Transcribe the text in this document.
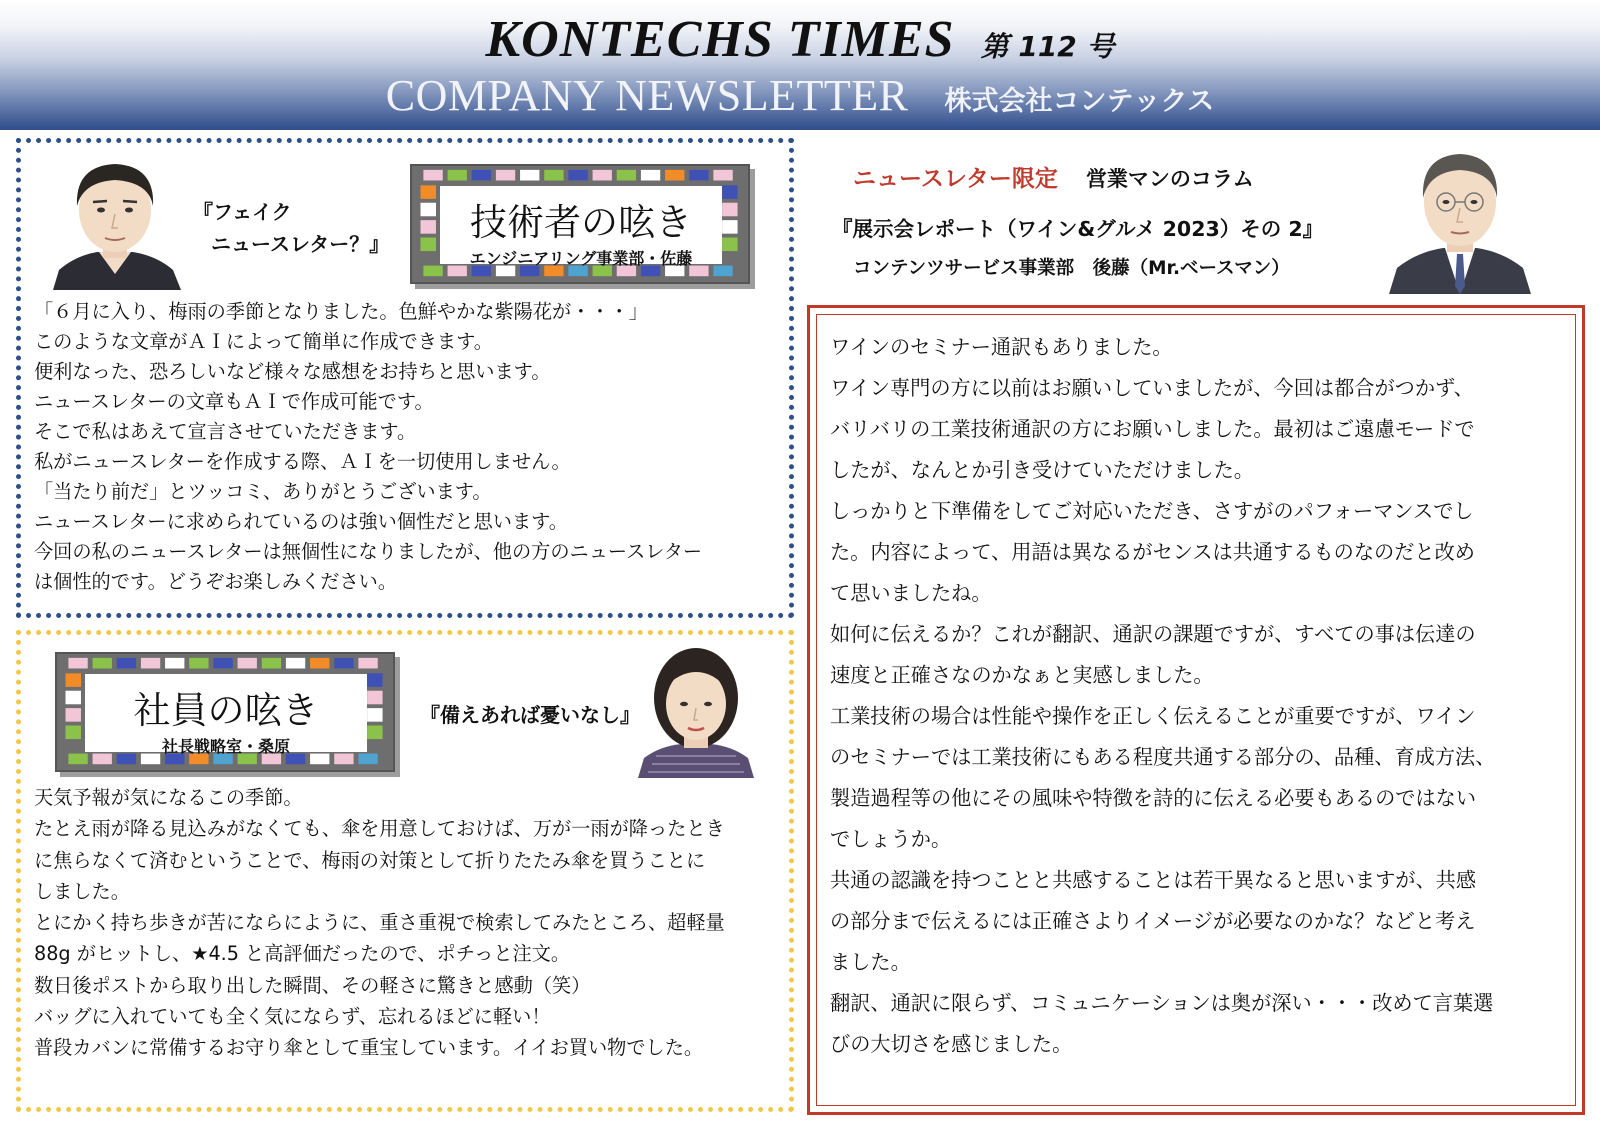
KONTECHS TIMES 第 112 号
COMPANY NEWSLETTER 株式会社コンテックス
『フェイク
ニュースレター？』	技術者の呟き
エンジニアリング事業部・佐藤

「６月に入り、梅雨の季節となりました。色鮮やかな紫陽花が・・・」

このような文章がＡＩによって簡単に作成できます。

便利なった、恐ろしいなど様々な感想をお持ちと思います。

ニュースレターの文章もＡＩで作成可能です。

そこで私はあえて宣言させていただきます。

私がニュースレターを作成する際、ＡＩを一切使用しません。

「当たり前だ」とツッコミ、ありがとうございます。

ニュースレターに求められているのは強い個性だと思います。

今回の私のニュースレターは無個性になりましたが、他の方のニュースレター

は個性的です。どうぞお楽しみください。

社員の呟き
社長戦略室・桑原
『備えあれば憂いなし』

天気予報が気になるこの季節。

たとえ雨が降る見込みがなくても、傘を用意しておけば、万が一雨が降ったとき

に焦らなくて済むということで、梅雨の対策として折りたたみ傘を買うことに

しました。

とにかく持ち歩きが苦にならにように、重さ重視で検索してみたところ、超軽量

88g がヒットし、★4.5 と高評価だったので、ポチっと注文。

数日後ポストから取り出した瞬間、その軽さに驚きと感動（笑）

バッグに入れていても全く気にならず、忘れるほどに軽い！

普段カバンに常備するお守り傘として重宝しています。イイお買い物でした。

ニュースレター限定 営業マンのコラム
『展示会レポート（ワイン&グルメ 2023）その 2』
コンテンツサービス事業部　後藤（Mr.ベースマン）

ワインのセミナー通訳もありました。

ワイン専門の方に以前はお願いしていましたが、今回は都合がつかず、

バリバリの工業技術通訳の方にお願いしました。最初はご遠慮モードで

したが、なんとか引き受けていただけました。

しっかりと下準備をしてご対応いただき、さすがのパフォーマンスでし

た。内容によって、用語は異なるがセンスは共通するものなのだと改め

て思いましたね。

如何に伝えるか？これが翻訳、通訳の課題ですが、すべての事は伝達の

速度と正確さなのかなぁと実感しました。

工業技術の場合は性能や操作を正しく伝えることが重要ですが、ワイン

のセミナーでは工業技術にもある程度共通する部分の、品種、育成方法、

製造過程等の他にその風味や特徴を詩的に伝える必要もあるのではない

でしょうか。

共通の認識を持つことと共感することは若干異なると思いますが、共感

の部分まで伝えるには正確さよりイメージが必要なのかな？などと考え

ました。

翻訳、通訳に限らず、コミュニケーションは奥が深い・・・改めて言葉選

びの大切さを感じました。
